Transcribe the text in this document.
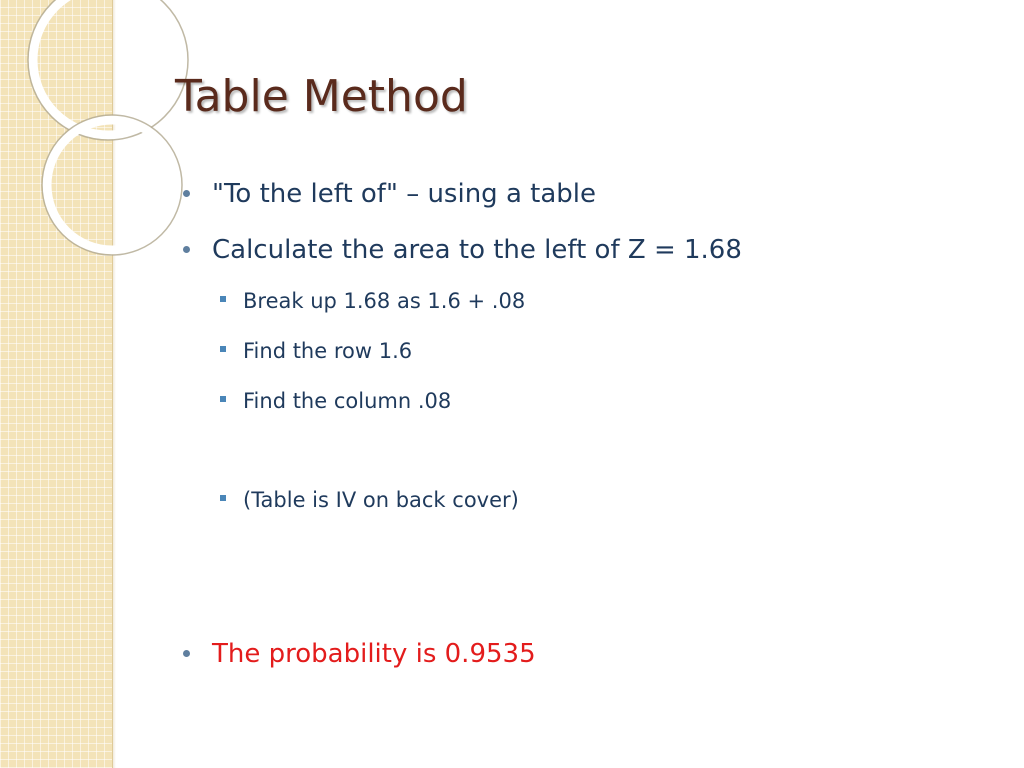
Table Method
"To the left of" – using a table
Calculate the area to the left of Z = 1.68
Break up 1.68 as 1.6 + .08
Find the row 1.6
Find the column .08
(Table is IV on back cover)
The probability is 0.9535
